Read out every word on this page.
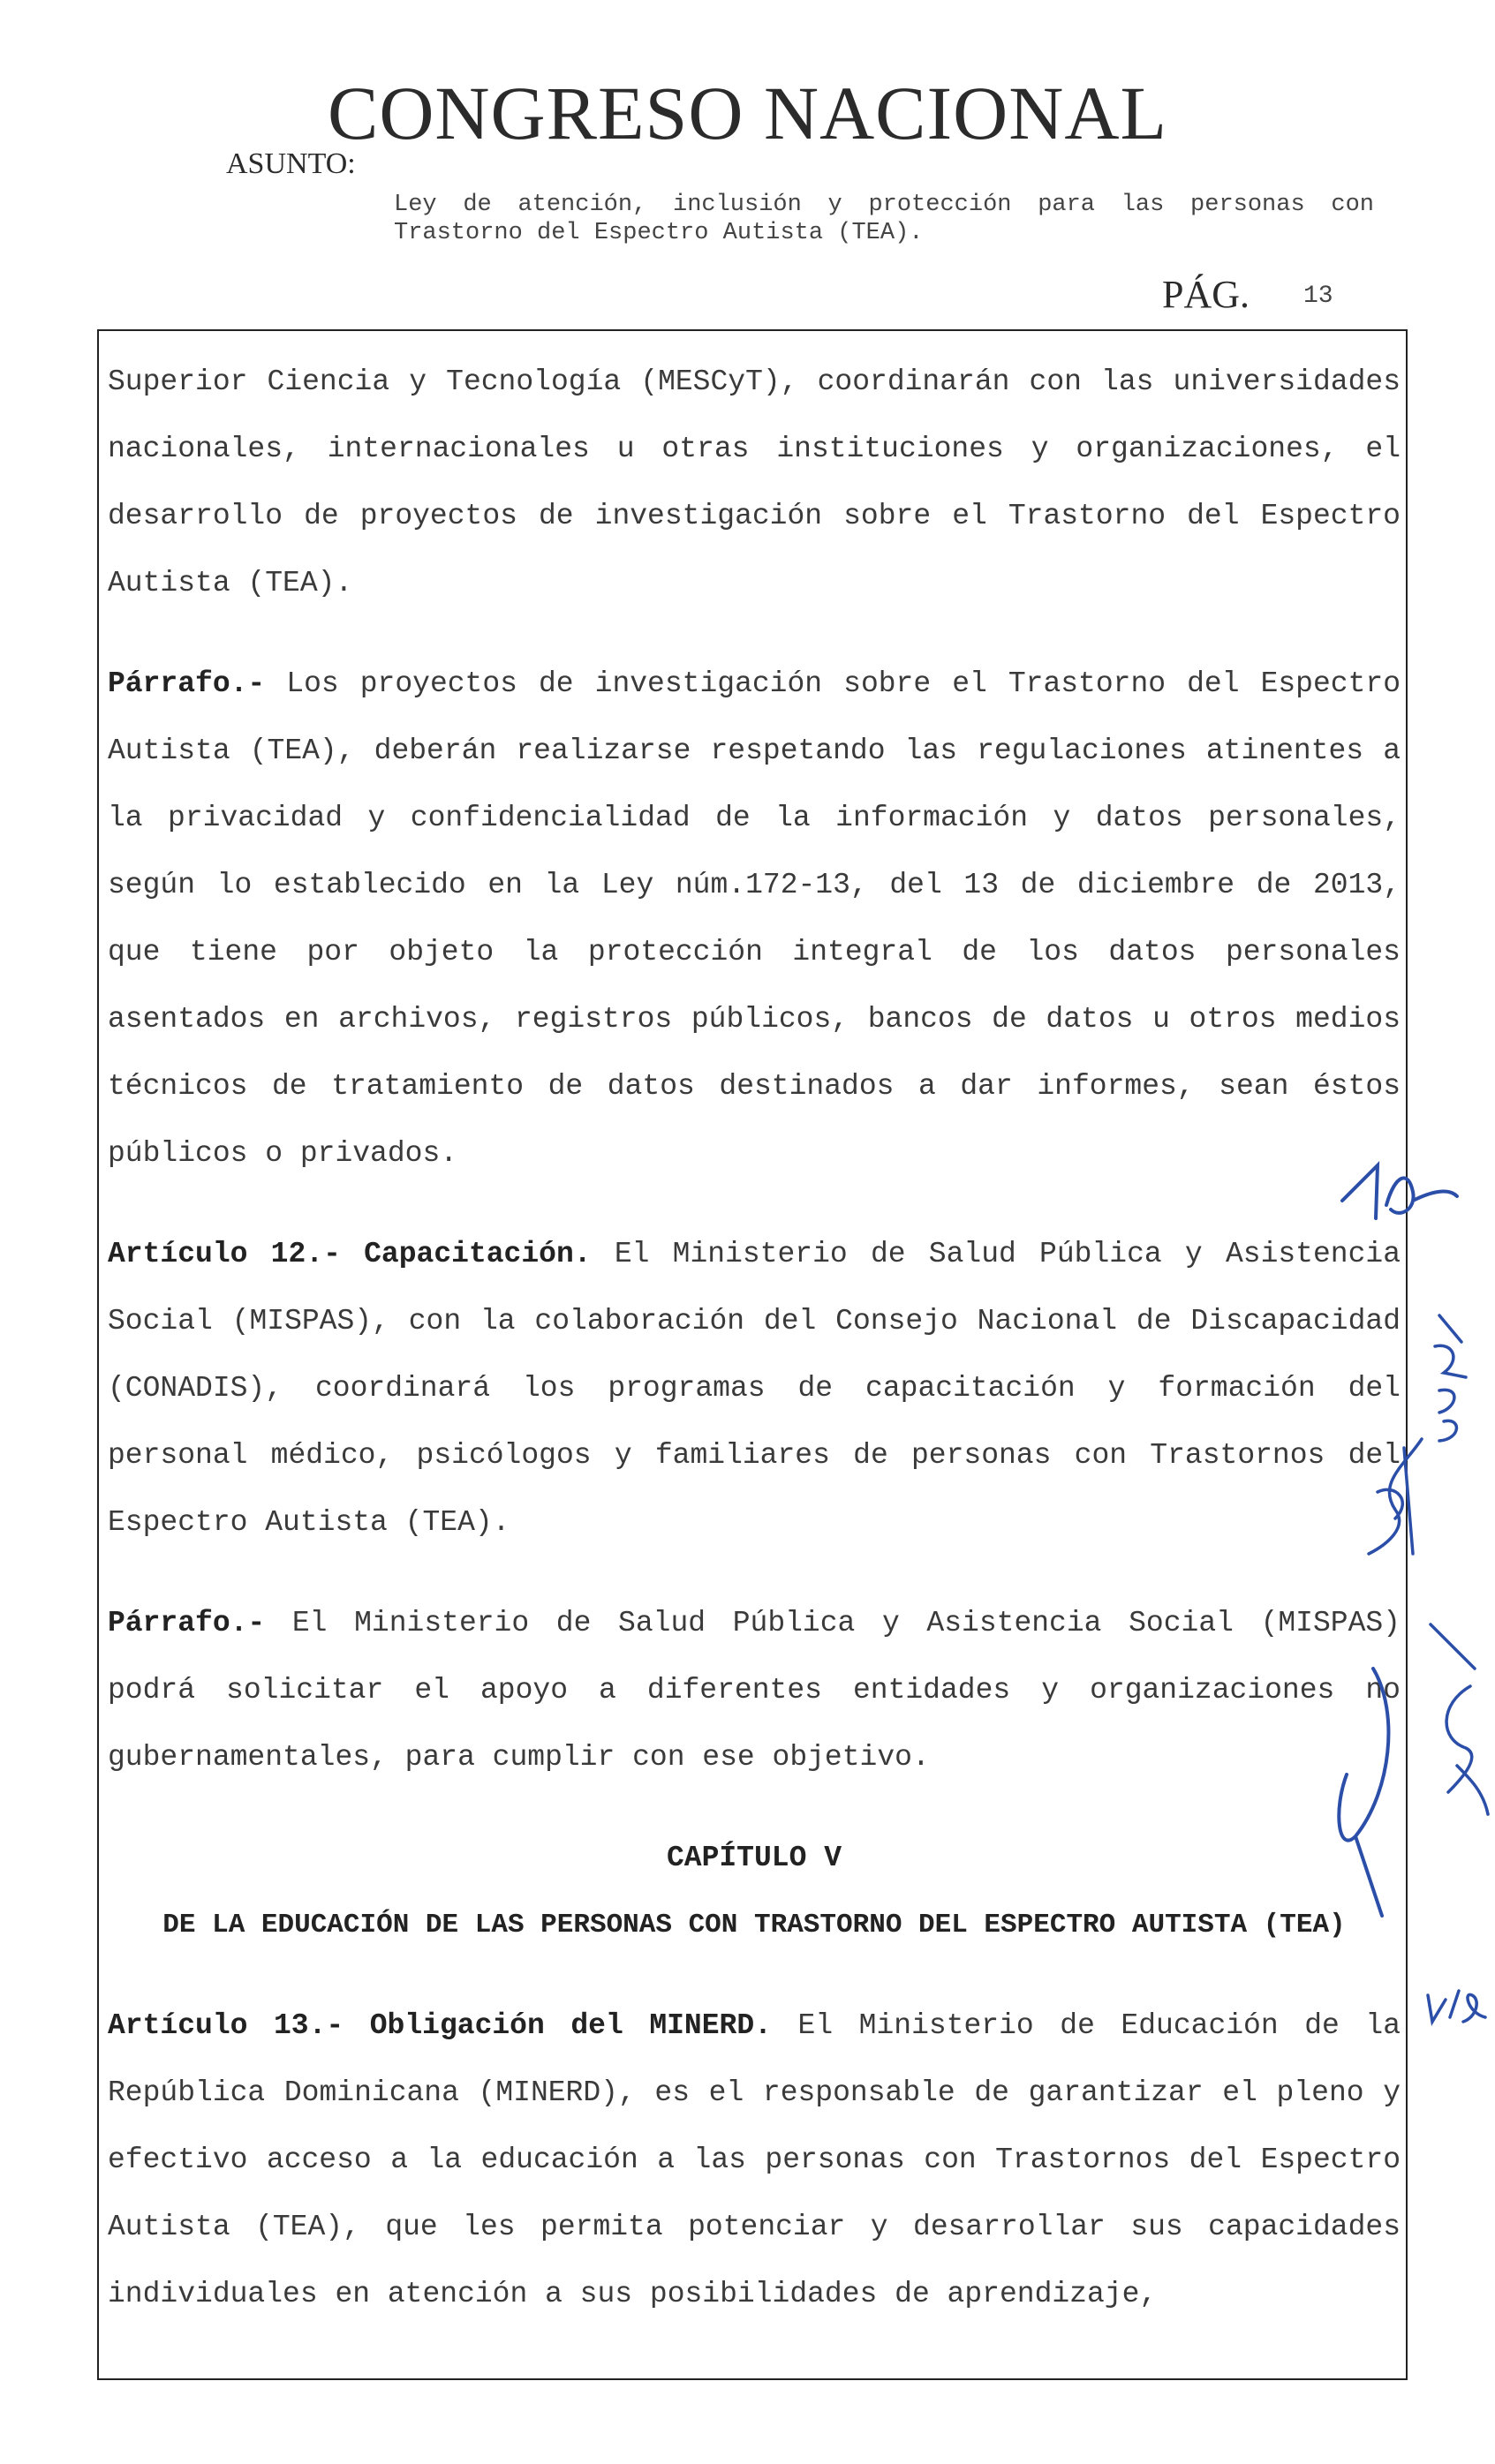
CONGRESO NACIONAL
ASUNTO:
Ley de atención, inclusión y protección para las personas con Trastorno del Espectro Autista (TEA).
PÁG. 13

Superior Ciencia y Tecnología (MESCyT), coordinarán con las universidades nacionales, internacionales u otras instituciones y organizaciones, el desarrollo de proyectos de investigación sobre el Trastorno del Espectro Autista (TEA).

Párrafo.- Los proyectos de investigación sobre el Trastorno del Espectro Autista (TEA), deberán realizarse respetando las regulaciones atinentes a la privacidad y confidencialidad de la información y datos personales, según lo establecido en la Ley núm.172-13, del 13 de diciembre de 2013, que tiene por objeto la protección integral de los datos personales asentados en archivos, registros públicos, bancos de datos u otros medios técnicos de tratamiento de datos destinados a dar informes, sean éstos públicos o privados.

Artículo 12.- Capacitación. El Ministerio de Salud Pública y Asistencia Social (MISPAS), con la colaboración del Consejo Nacional de Discapacidad (CONADIS), coordinará los programas de capacitación y formación del personal médico, psicólogos y familiares de personas con Trastornos del Espectro Autista (TEA).

Párrafo.- El Ministerio de Salud Pública y Asistencia Social (MISPAS) podrá solicitar el apoyo a diferentes entidades y organizaciones no gubernamentales, para cumplir con ese objetivo.

CAPÍTULO V

DE LA EDUCACIÓN DE LAS PERSONAS CON TRASTORNO DEL ESPECTRO AUTISTA (TEA)

Artículo 13.- Obligación del MINERD. El Ministerio de Educación de la República Dominicana (MINERD), es el responsable de garantizar el pleno y efectivo acceso a la educación a las personas con Trastornos del Espectro Autista (TEA), que les permita potenciar y desarrollar sus capacidades individuales en atención a sus posibilidades de aprendizaje,
